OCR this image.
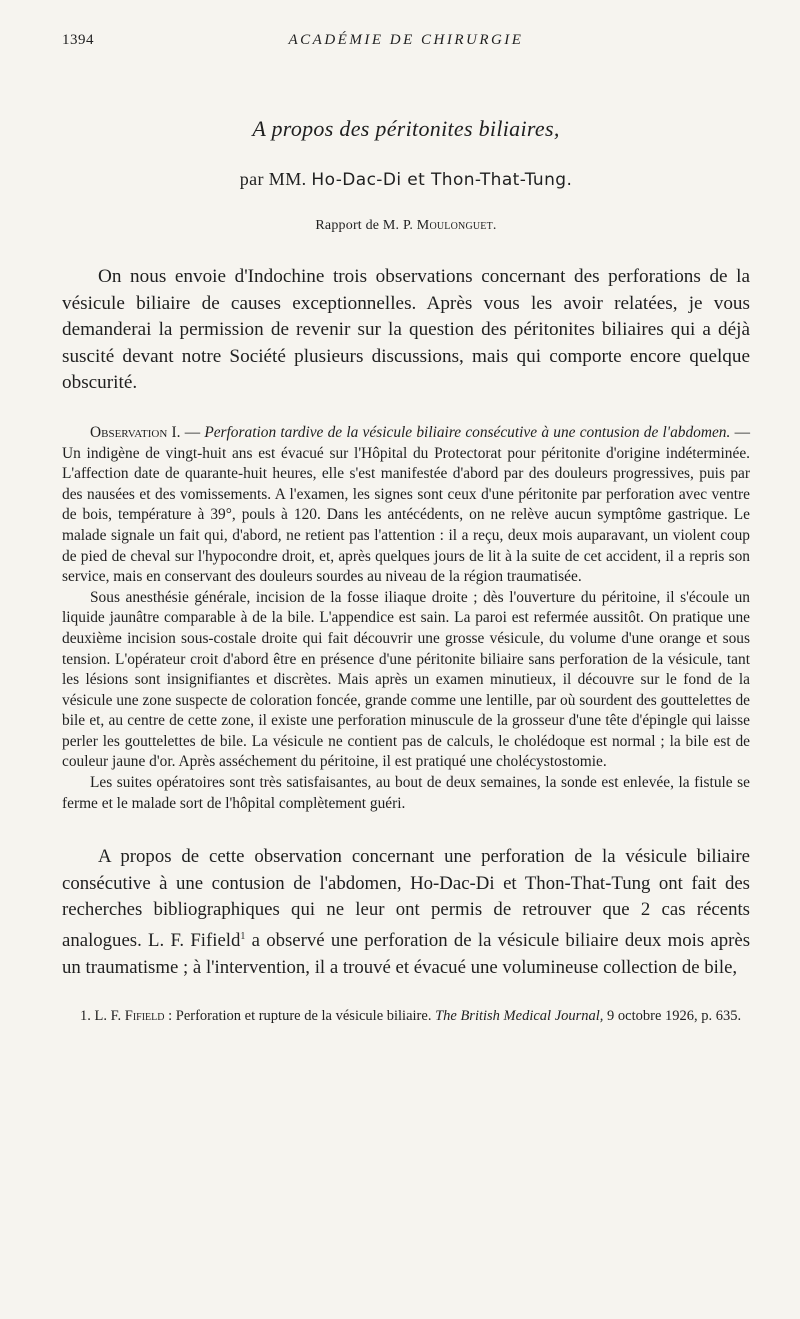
1394	ACADÉMIE DE CHIRURGIE
A propos des péritonites biliaires,
par MM. Ho-Dac-Di et Thon-That-Tung.
Rapport de M. P. Moulonguet.

On nous envoie d'Indochine trois observations concernant des perforations de la vésicule biliaire de causes exceptionnelles. Après vous les avoir relatées, je vous demanderai la permission de revenir sur la question des péritonites biliaires qui a déjà suscité devant notre Société plusieurs discussions, mais qui comporte encore quelque obscurité.

Observation I. — Perforation tardive de la vésicule biliaire consécutive à une contusion de l'abdomen. — Un indigène de vingt-huit ans est évacué sur l'Hôpital du Protectorat pour péritonite d'origine indéterminée. L'affection date de quarante-huit heures, elle s'est manifestée d'abord par des douleurs progressives, puis par des nausées et des vomissements. A l'examen, les signes sont ceux d'une péritonite par perforation avec ventre de bois, température à 39°, pouls à 120. Dans les antécédents, on ne relève aucun symptôme gastrique. Le malade signale un fait qui, d'abord, ne retient pas l'attention : il a reçu, deux mois auparavant, un violent coup de pied de cheval sur l'hypocondre droit, et, après quelques jours de lit à la suite de cet accident, il a repris son service, mais en conservant des douleurs sourdes au niveau de la région traumatisée.

Sous anesthésie générale, incision de la fosse iliaque droite ; dès l'ouverture du péritoine, il s'écoule un liquide jaunâtre comparable à de la bile. L'appendice est sain. La paroi est refermée aussitôt. On pratique une deuxième incision sous-costale droite qui fait découvrir une grosse vésicule, du volume d'une orange et sous tension. L'opérateur croit d'abord être en présence d'une péritonite biliaire sans perforation de la vésicule, tant les lésions sont insignifiantes et discrètes. Mais après un examen minutieux, il découvre sur le fond de la vésicule une zone suspecte de coloration foncée, grande comme une lentille, par où sourdent des gouttelettes de bile et, au centre de cette zone, il existe une perforation minuscule de la grosseur d'une tête d'épingle qui laisse perler les gouttelettes de bile. La vésicule ne contient pas de calculs, le cholédoque est normal ; la bile est de couleur jaune d'or. Après asséchement du péritoine, il est pratiqué une cholécystostomie.

Les suites opératoires sont très satisfaisantes, au bout de deux semaines, la sonde est enlevée, la fistule se ferme et le malade sort de l'hôpital complètement guéri.

A propos de cette observation concernant une perforation de la vésicule biliaire consécutive à une contusion de l'abdomen, Ho-Dac-Di et Thon-That-Tung ont fait des recherches bibliographiques qui ne leur ont permis de retrouver que 2 cas récents analogues. L. F. Fifield$^1$ a observé une perforation de la vésicule biliaire deux mois après un traumatisme ; à l'intervention, il a trouvé et évacué une volumineuse collection de bile,

1. L. F. Fifield : Perforation et rupture de la vésicule biliaire. The British Medical Journal, 9 octobre 1926, p. 635.
